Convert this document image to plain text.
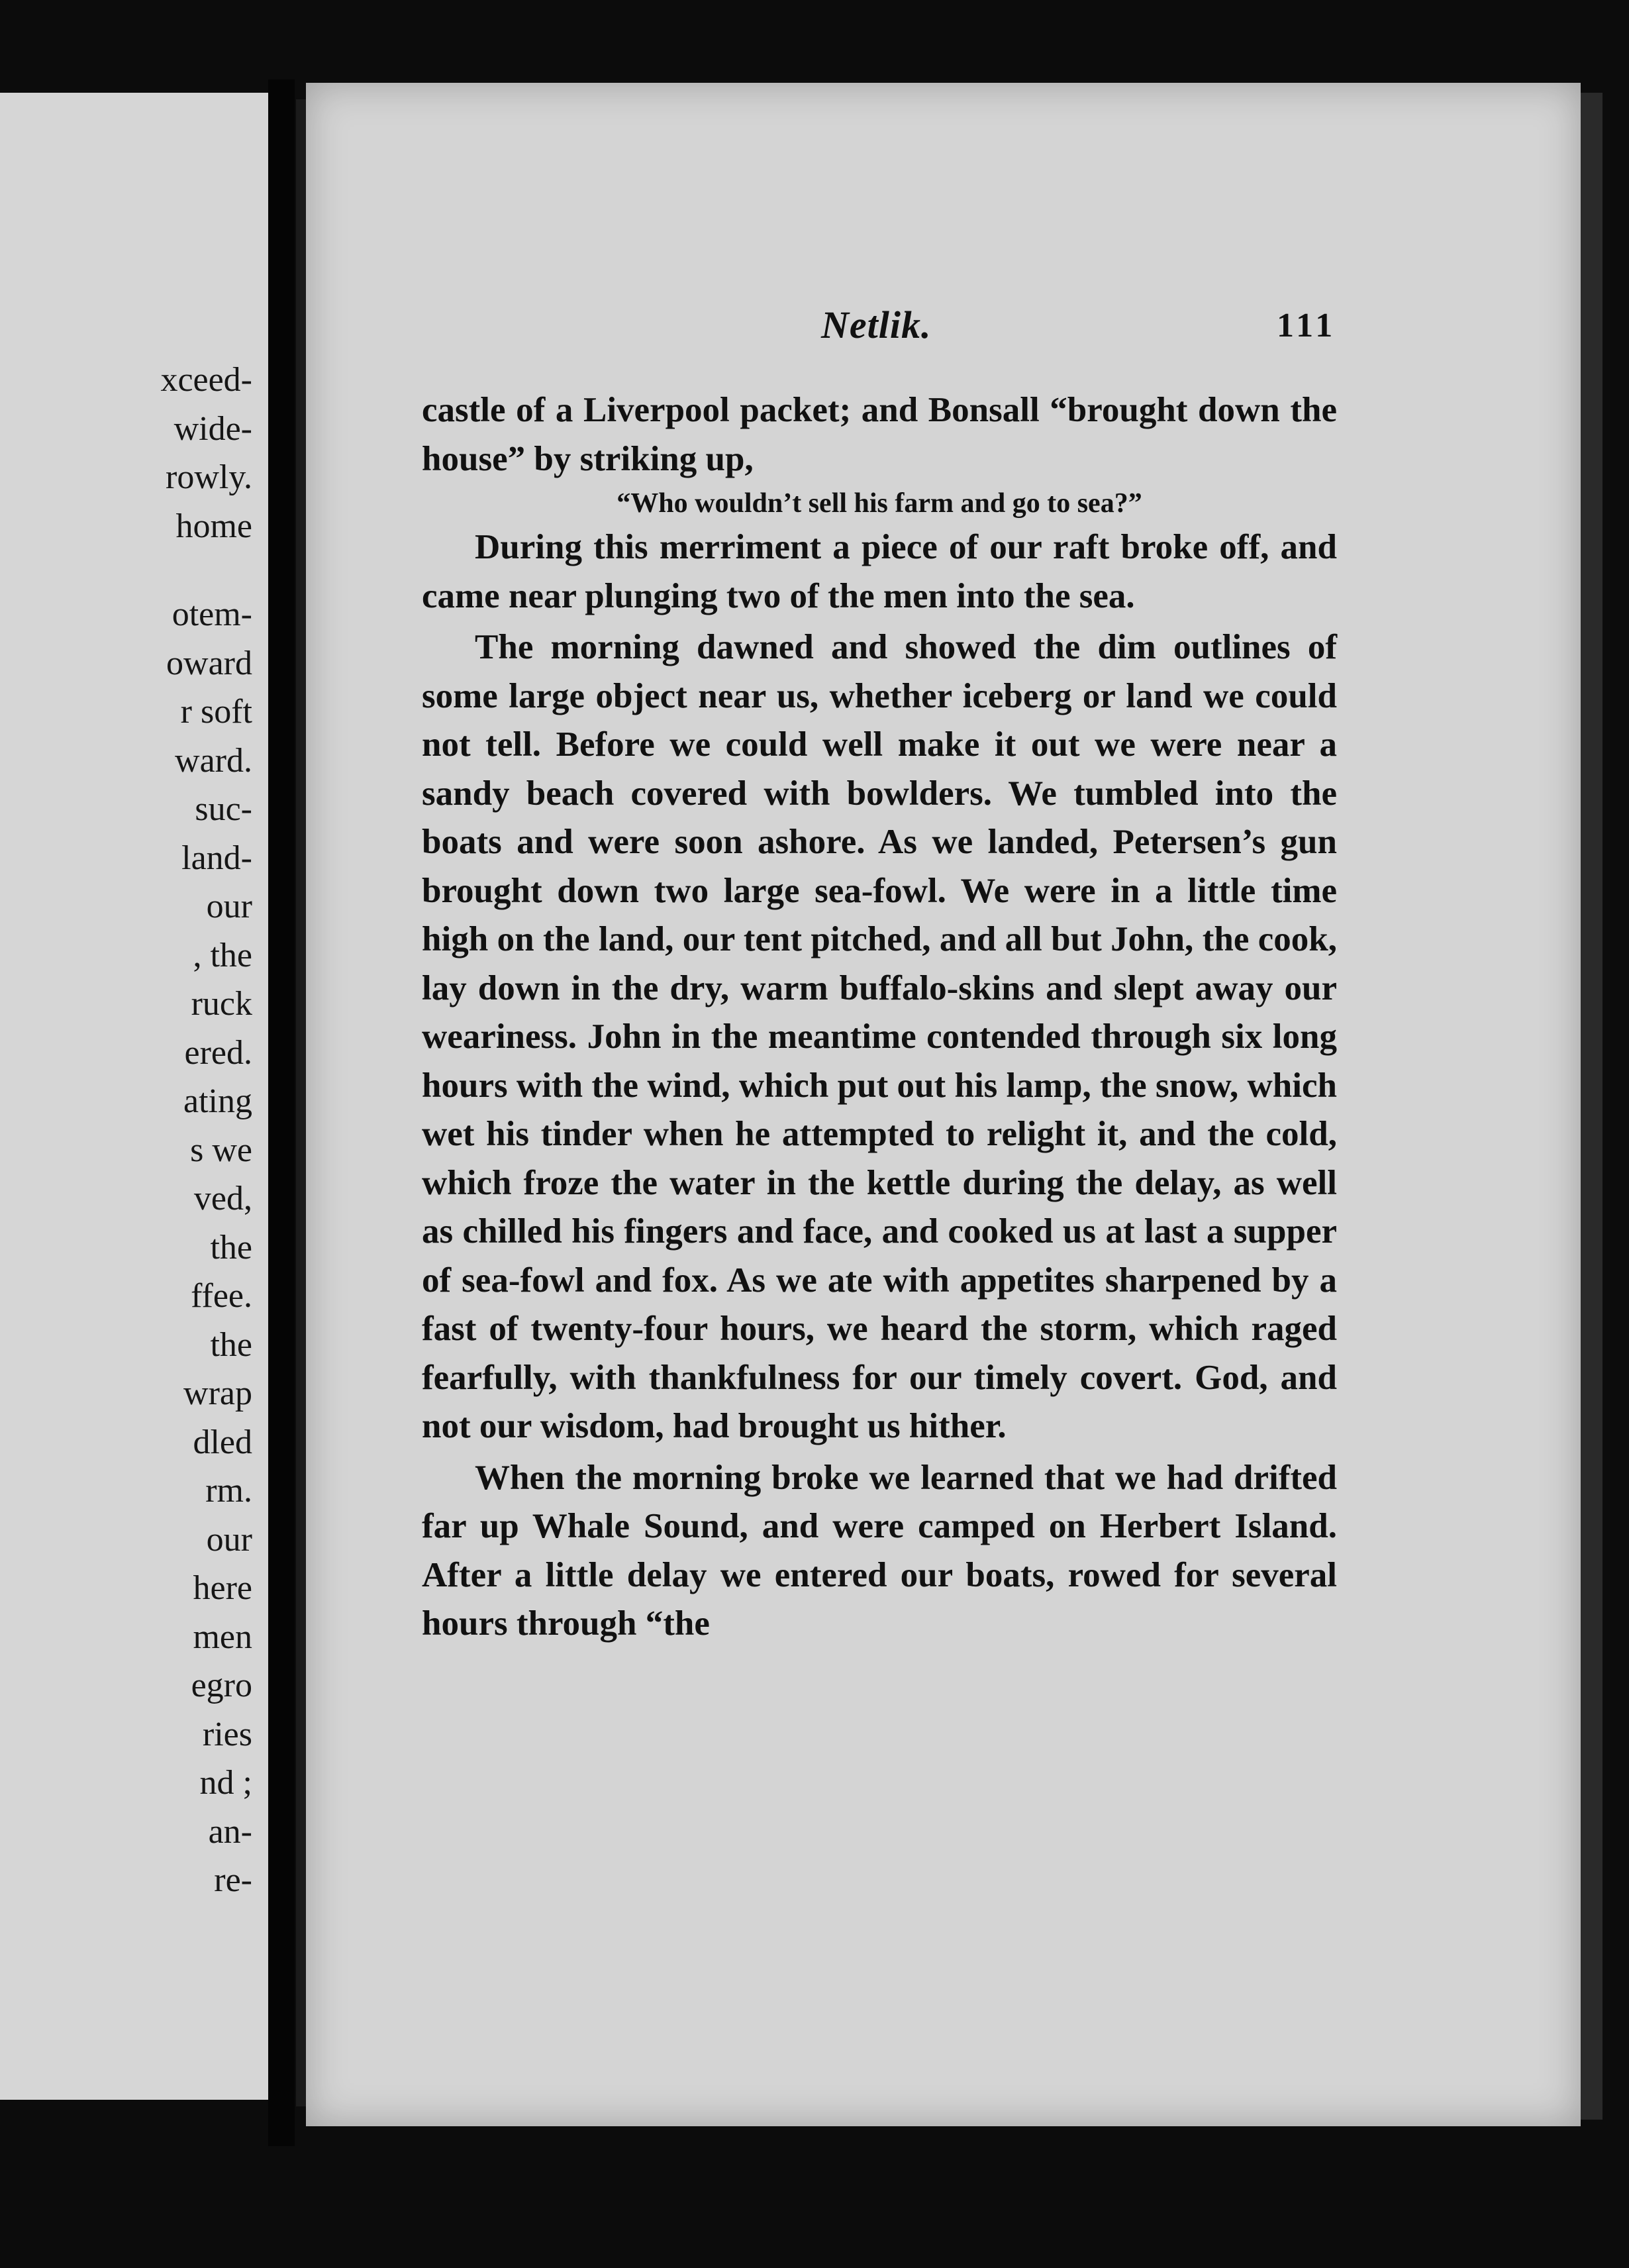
xceed-
wide-
rowly.
home
otem-
oward
r soft
ward.
suc-
land-
our
, the
ruck
ered.
ating
s we
ved,
the
ffee.
the
wrap
dled
rm.
our
here
men
egro
ries
nd ;
an-
re-
Netlik.	111

castle of a Liverpool packet; and Bonsall “brought down the house” by striking up,

“Who wouldn’t sell his farm and go to sea?”

During this merriment a piece of our raft broke off, and came near plunging two of the men into the sea.

The morning dawned and showed the dim outlines of some large object near us, whether iceberg or land we could not tell. Before we could well make it out we were near a sandy beach covered with bowlders. We tumbled into the boats and were soon ashore. As we landed, Petersen’s gun brought down two large sea-fowl. We were in a little time high on the land, our tent pitched, and all but John, the cook, lay down in the dry, warm buffalo-skins and slept away our weariness. John in the meantime contended through six long hours with the wind, which put out his lamp, the snow, which wet his tinder when he attempted to relight it, and the cold, which froze the water in the kettle during the delay, as well as chilled his fingers and face, and cooked us at last a supper of sea-fowl and fox. As we ate with appetites sharpened by a fast of twenty-four hours, we heard the storm, which raged fearfully, with thankfulness for our timely covert. God, and not our wisdom, had brought us hither.

When the morning broke we learned that we had drifted far up Whale Sound, and were camped on Herbert Island. After a little delay we entered our boats, rowed for several hours through “the
